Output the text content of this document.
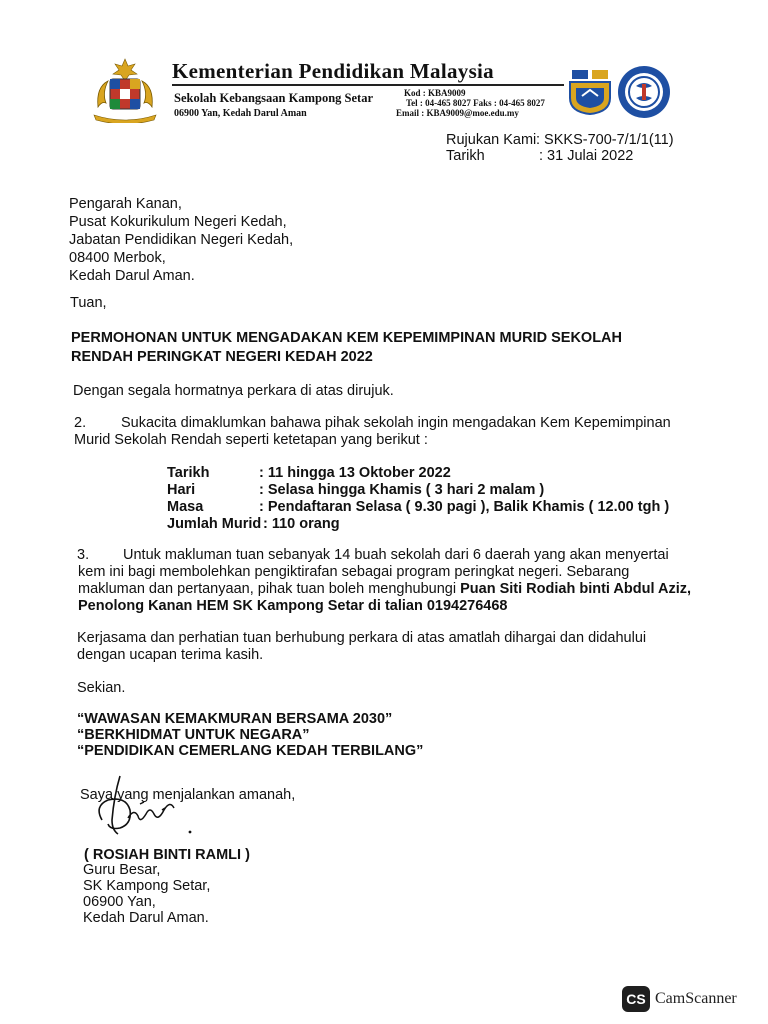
Kementerian Pendidikan Malaysia
Sekolah Kebangsaan Kampong Setar
06900 Yan, Kedah Darul Aman
Kod : KBA9009
Tel : 04-465 8027 Faks : 04-465 8027
Email : KBA9009@moe.edu.my
Rujukan Kami : SKKS-700-7/1/1(11)
Tarikh	: 31 Julai 2022
Pengarah Kanan,
Pusat Kokurikulum Negeri Kedah,
Jabatan Pendidikan Negeri Kedah,
08400 Merbok,
Kedah Darul Aman.
Tuan,
PERMOHONAN UNTUK MENGADAKAN KEM KEPEMIMPINAN MURID SEKOLAH
RENDAH PERINGKAT NEGERI KEDAH 2022
Dengan segala hormatnya perkara di atas dirujuk.
2. Sukacita dimaklumkan bahawa pihak sekolah ingin mengadakan Kem Kepemimpinan
Murid Sekolah Rendah seperti ketetapan yang berikut :
Tarikh	: 11 hingga 13 Oktober 2022
Hari	: Selasa hingga Khamis ( 3 hari 2 malam )
Masa	: Pendaftaran Selasa ( 9.30 pagi ), Balik Khamis ( 12.00 tgh )
Jumlah Murid : 110 orang
3. Untuk makluman tuan sebanyak 14 buah sekolah dari 6 daerah yang akan menyertai
kem ini bagi membolehkan pengiktirafan sebagai program peringkat negeri. Sebarang
makluman dan pertanyaan, pihak tuan boleh menghubungi Puan Siti Rodiah binti Abdul Aziz,
Penolong Kanan HEM SK Kampong Setar di talian 0194276468
Kerjasama dan perhatian tuan berhubung perkara di atas amatlah dihargai dan didahului
dengan ucapan terima kasih.
Sekian.
“WAWASAN KEMAKMURAN BERSAMA 2030”
“BERKHIDMAT UNTUK NEGARA”
“PENDIDIKAN CEMERLANG KEDAH TERBILANG”
Saya yang menjalankan amanah,
( ROSIAH BINTI RAMLI )
Guru Besar,
SK Kampong Setar,
06900 Yan,
Kedah Darul Aman.
CS CamScanner
